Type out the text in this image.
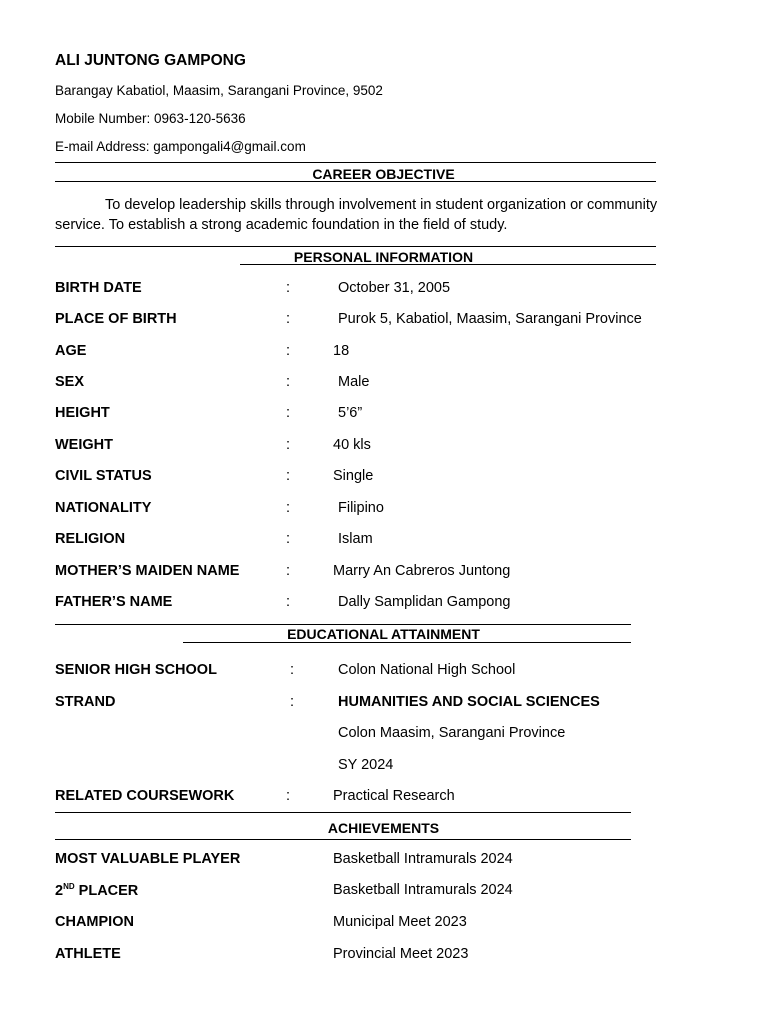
ALI JUNTONG GAMPONG
Barangay Kabatiol, Maasim, Sarangani Province, 9502
Mobile Number: 0963-120-5636
E-mail Address: gampongali4@gmail.com
CAREER OBJECTIVE
To develop leadership skills through involvement in student organization or community service. To establish a strong academic foundation in the field of study.
PERSONAL INFORMATION
BIRTH DATE	:	October 31, 2005
PLACE OF BIRTH	:	Purok 5, Kabatiol, Maasim, Sarangani Province
AGE	:	18
SEX	:	Male
HEIGHT	:	5’6”
WEIGHT	:	40 kls
CIVIL STATUS	:	Single
NATIONALITY	:	Filipino
RELIGION	:	Islam
MOTHER’S MAIDEN NAME	:	Marry An Cabreros Juntong
FATHER’S NAME	:	Dally Samplidan Gampong
EDUCATIONAL ATTAINMENT
SENIOR HIGH SCHOOL	:	Colon National High School
STRAND	:	HUMANITIES AND SOCIAL SCIENCES
Colon Maasim, Sarangani Province
SY 2024
RELATED COURSEWORK	:	Practical Research
ACHIEVEMENTS
MOST VALUABLE PLAYER	Basketball Intramurals 2024
2ND PLACER	Basketball Intramurals 2024
CHAMPION	Municipal Meet 2023
ATHLETE	Provincial Meet 2023
